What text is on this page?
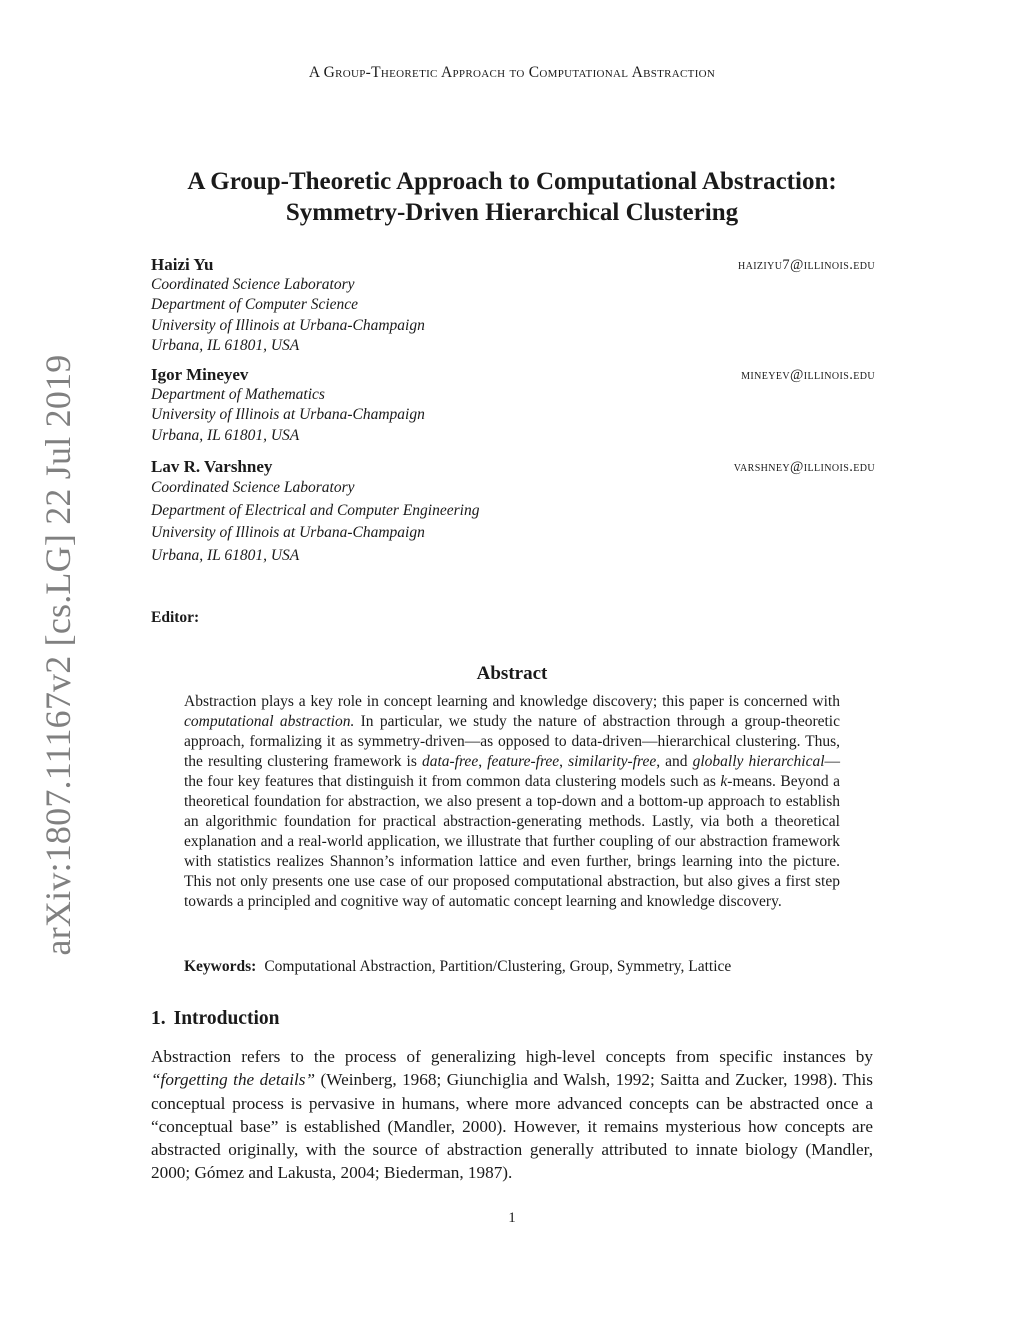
A Group-Theoretic Approach to Computational Abstraction
arXiv:1807.11167v2 [cs.LG] 22 Jul 2019
A Group-Theoretic Approach to Computational Abstraction:
Symmetry-Driven Hierarchical Clustering
Haizi Yu	haiziyu7@illinois.edu
Coordinated Science Laboratory
Department of Computer Science
University of Illinois at Urbana-Champaign
Urbana, IL 61801, USA
Igor Mineyev	mineyev@illinois.edu
Department of Mathematics
University of Illinois at Urbana-Champaign
Urbana, IL 61801, USA
Lav R. Varshney	varshney@illinois.edu
Coordinated Science Laboratory
Department of Electrical and Computer Engineering
University of Illinois at Urbana-Champaign
Urbana, IL 61801, USA
Editor:
Abstract

Abstraction plays a key role in concept learning and knowledge discovery; this paper is concerned with computational abstraction. In particular, we study the nature of abstraction through a group-theoretic approach, formalizing it as symmetry-driven—as opposed to data-driven—hierarchical clustering. Thus, the resulting clustering framework is data-free, feature-free, similarity-free, and globally hierarchical—the four key features that distinguish it from common data clustering models such as k-means. Beyond a theoretical foundation for abstraction, we also present a top-down and a bottom-up approach to establish an algorithmic foundation for practical abstraction-generating methods. Lastly, via both a theoretical explanation and a real-world application, we illustrate that further coupling of our abstraction framework with statistics realizes Shannon’s information lattice and even further, brings learning into the picture. This not only presents one use case of our proposed computational abstraction, but also gives a first step towards a principled and cognitive way of automatic concept learning and knowledge discovery.

Keywords: Computational Abstraction, Partition/Clustering, Group, Symmetry, Lattice
1. Introduction

Abstraction refers to the process of generalizing high-level concepts from specific instances by “forgetting the details” (Weinberg, 1968; Giunchiglia and Walsh, 1992; Saitta and Zucker, 1998). This conceptual process is pervasive in humans, where more advanced concepts can be abstracted once a “conceptual base” is established (Mandler, 2000). However, it remains mysterious how concepts are abstracted originally, with the source of abstraction generally attributed to innate biology (Mandler, 2000; Gómez and Lakusta, 2004; Biederman, 1987).

1
